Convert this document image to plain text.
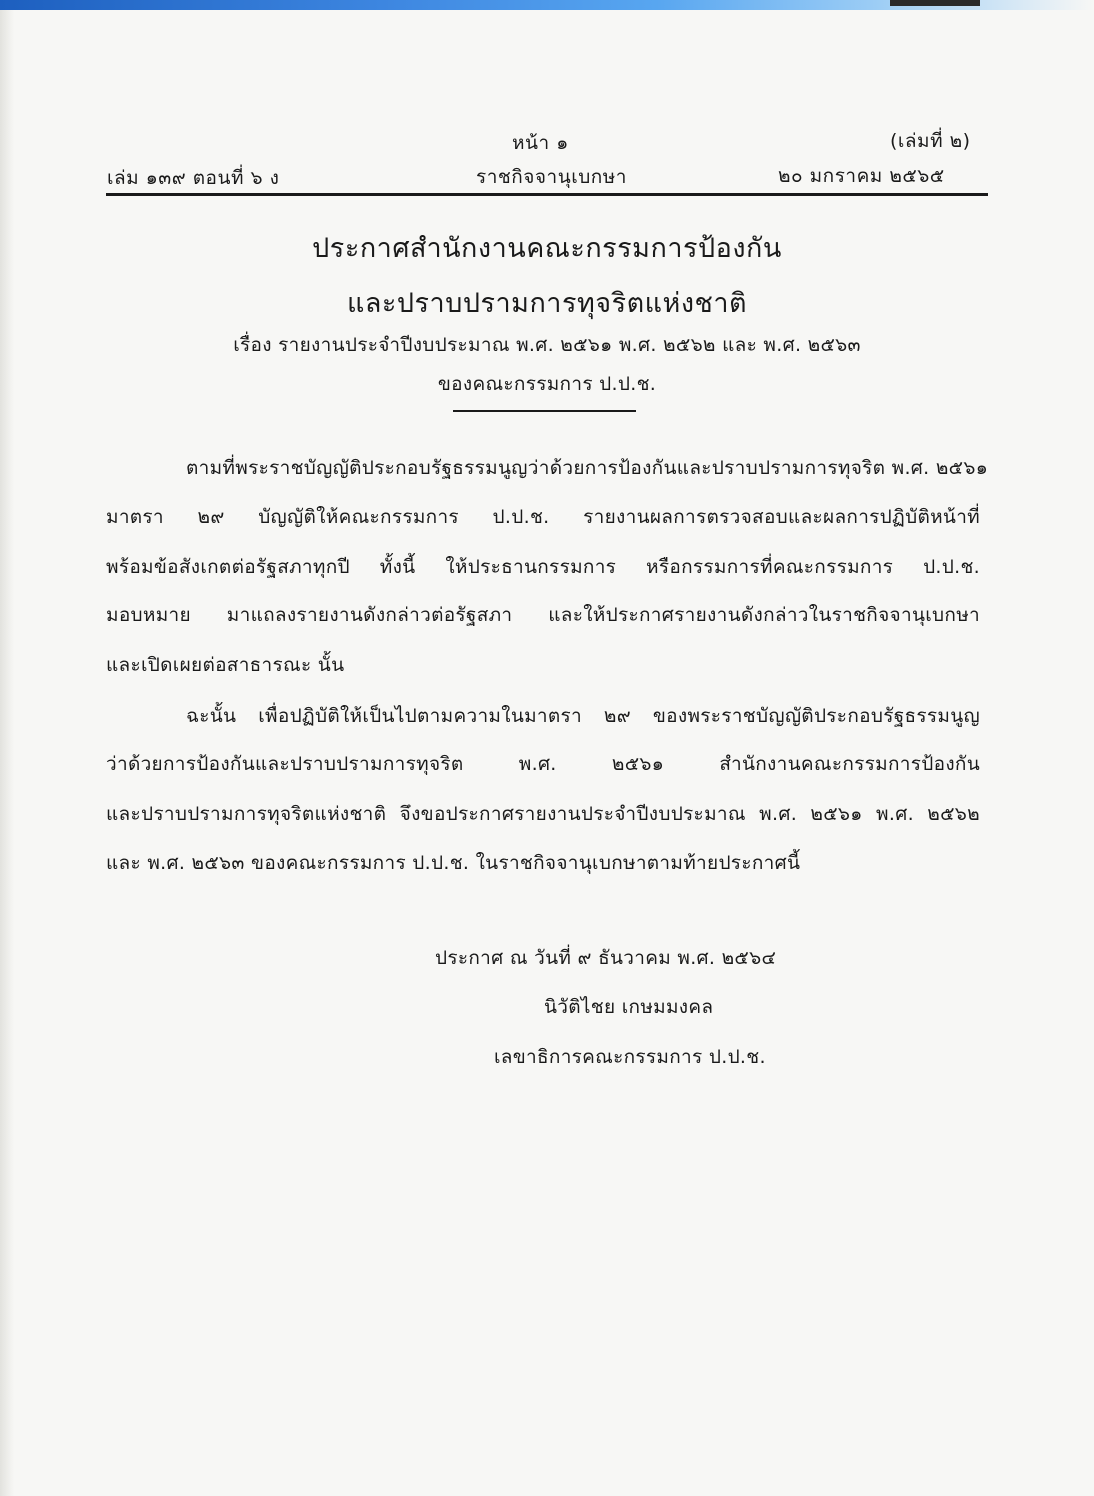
หน้า ๑	(เล่มที่ ๒)
เล่ม ๑๓๙ ตอนที่ ๖ ง	ราชกิจจานุเบกษา	๒๐ มกราคม ๒๕๖๕
ประกาศสำนักงานคณะกรรมการป้องกัน
และปราบปรามการทุจริตแห่งชาติ
เรื่อง รายงานประจำปีงบประมาณ พ.ศ. ๒๕๖๑ พ.ศ. ๒๕๖๒ และ พ.ศ. ๒๕๖๓
ของคณะกรรมการ ป.ป.ช.
ตามที่พระราชบัญญัติประกอบรัฐธรรมนูญว่าด้วยการป้องกันและปราบปรามการทุจริต พ.ศ. ๒๕๖๑
มาตรา ๒๙ บัญญัติให้คณะกรรมการ ป.ป.ช. รายงานผลการตรวจสอบและผลการปฏิบัติหน้าที่
พร้อมข้อสังเกตต่อรัฐสภาทุกปี ทั้งนี้ ให้ประธานกรรมการ หรือกรรมการที่คณะกรรมการ ป.ป.ช.
มอบหมาย มาแถลงรายงานดังกล่าวต่อรัฐสภา และให้ประกาศรายงานดังกล่าวในราชกิจจานุเบกษา
และเปิดเผยต่อสาธารณะ นั้น
ฉะนั้น เพื่อปฏิบัติให้เป็นไปตามความในมาตรา ๒๙ ของพระราชบัญญัติประกอบรัฐธรรมนูญ
ว่าด้วยการป้องกันและปราบปรามการทุจริต พ.ศ. ๒๕๖๑ สำนักงานคณะกรรมการป้องกัน
และปราบปรามการทุจริตแห่งชาติ จึงขอประกาศรายงานประจำปีงบประมาณ พ.ศ. ๒๕๖๑ พ.ศ. ๒๕๖๒
และ พ.ศ. ๒๕๖๓ ของคณะกรรมการ ป.ป.ช. ในราชกิจจานุเบกษาตามท้ายประกาศนี้
ประกาศ ณ วันที่ ๙ ธันวาคม พ.ศ. ๒๕๖๔
นิวัติไชย เกษมมงคล
เลขาธิการคณะกรรมการ ป.ป.ช.
